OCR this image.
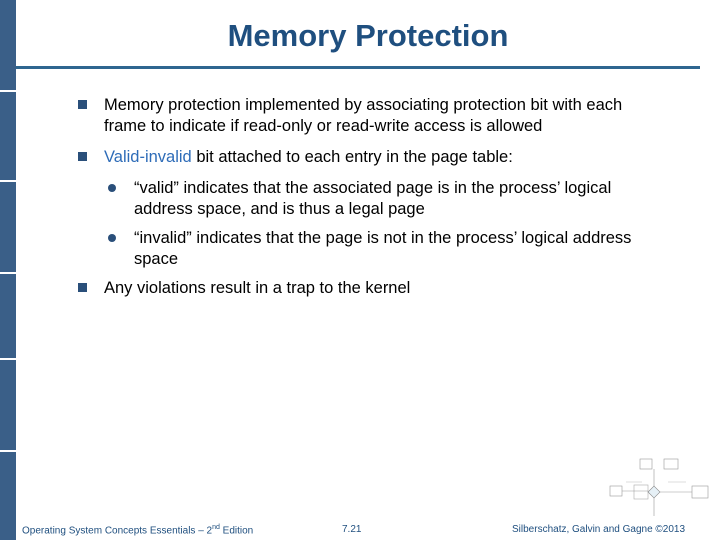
Memory Protection
Memory protection implemented by associating protection bit with each frame to indicate if read-only or read-write access is allowed
Valid-invalid bit attached to each entry in the page table:
“valid” indicates that the associated page is in the process’ logical address space, and is thus a legal page
“invalid” indicates that the page is not in the process’ logical address space
Any violations result in a trap to the kernel
Operating System Concepts Essentials – 2nd Edition	7.21	Silberschatz, Galvin and Gagne ©2013
